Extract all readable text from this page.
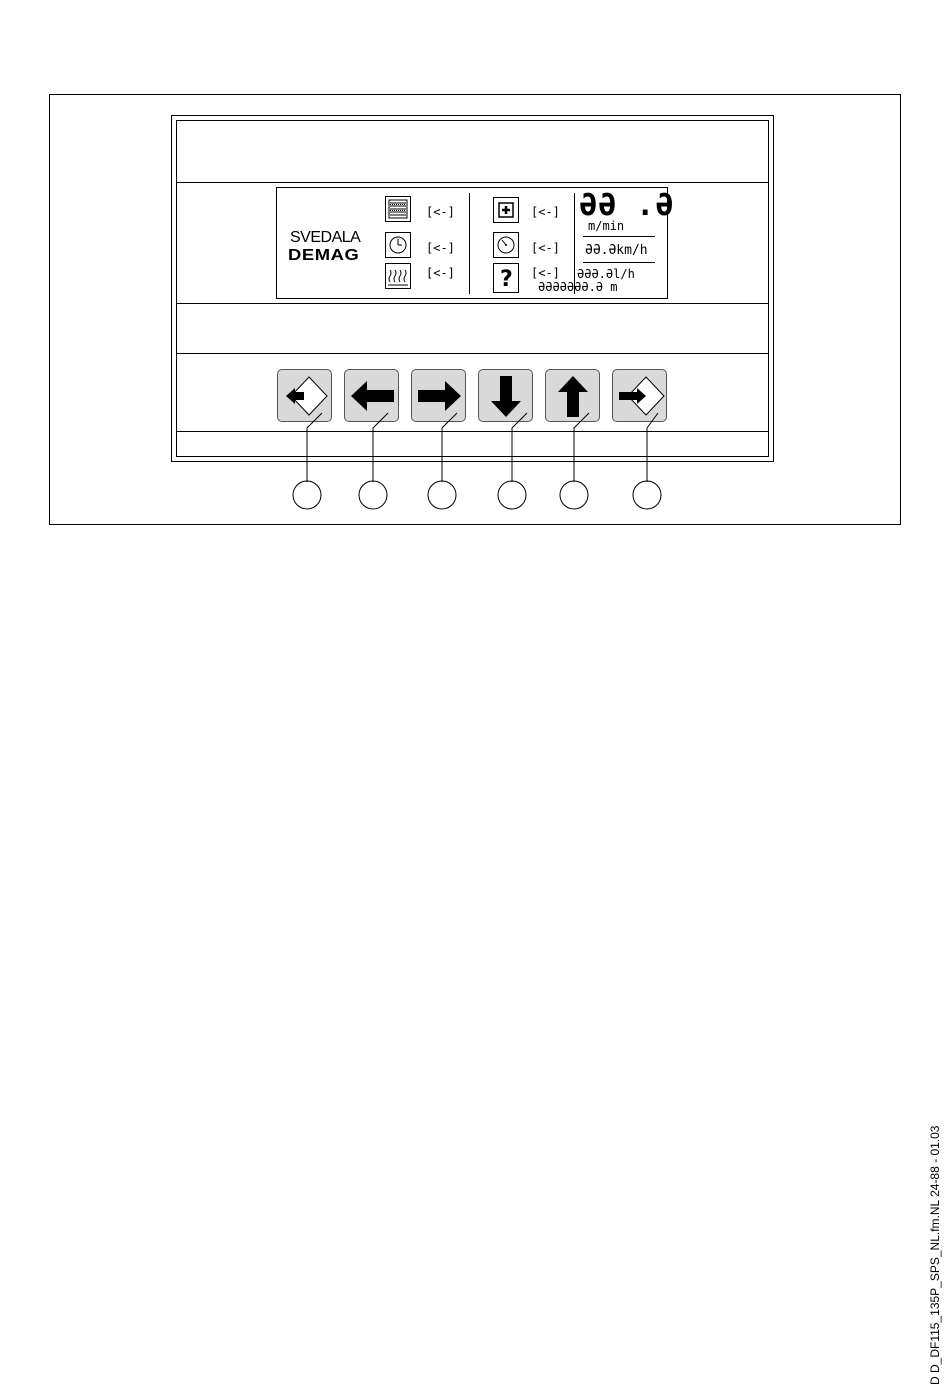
SVEDALA
DEMAG
[<-]
[<-]
[<-] ?
[<-]
[<-]
[<-]
ƏƏ .Ə
m/min
ƏƏ.Əkm/h
ƏƏƏ.Əl/h
ƏƏƏƏƏƏƏ.Ə m
D D_DF115_135P_SPS_NL.fm.NL 24-88 - 01.03
